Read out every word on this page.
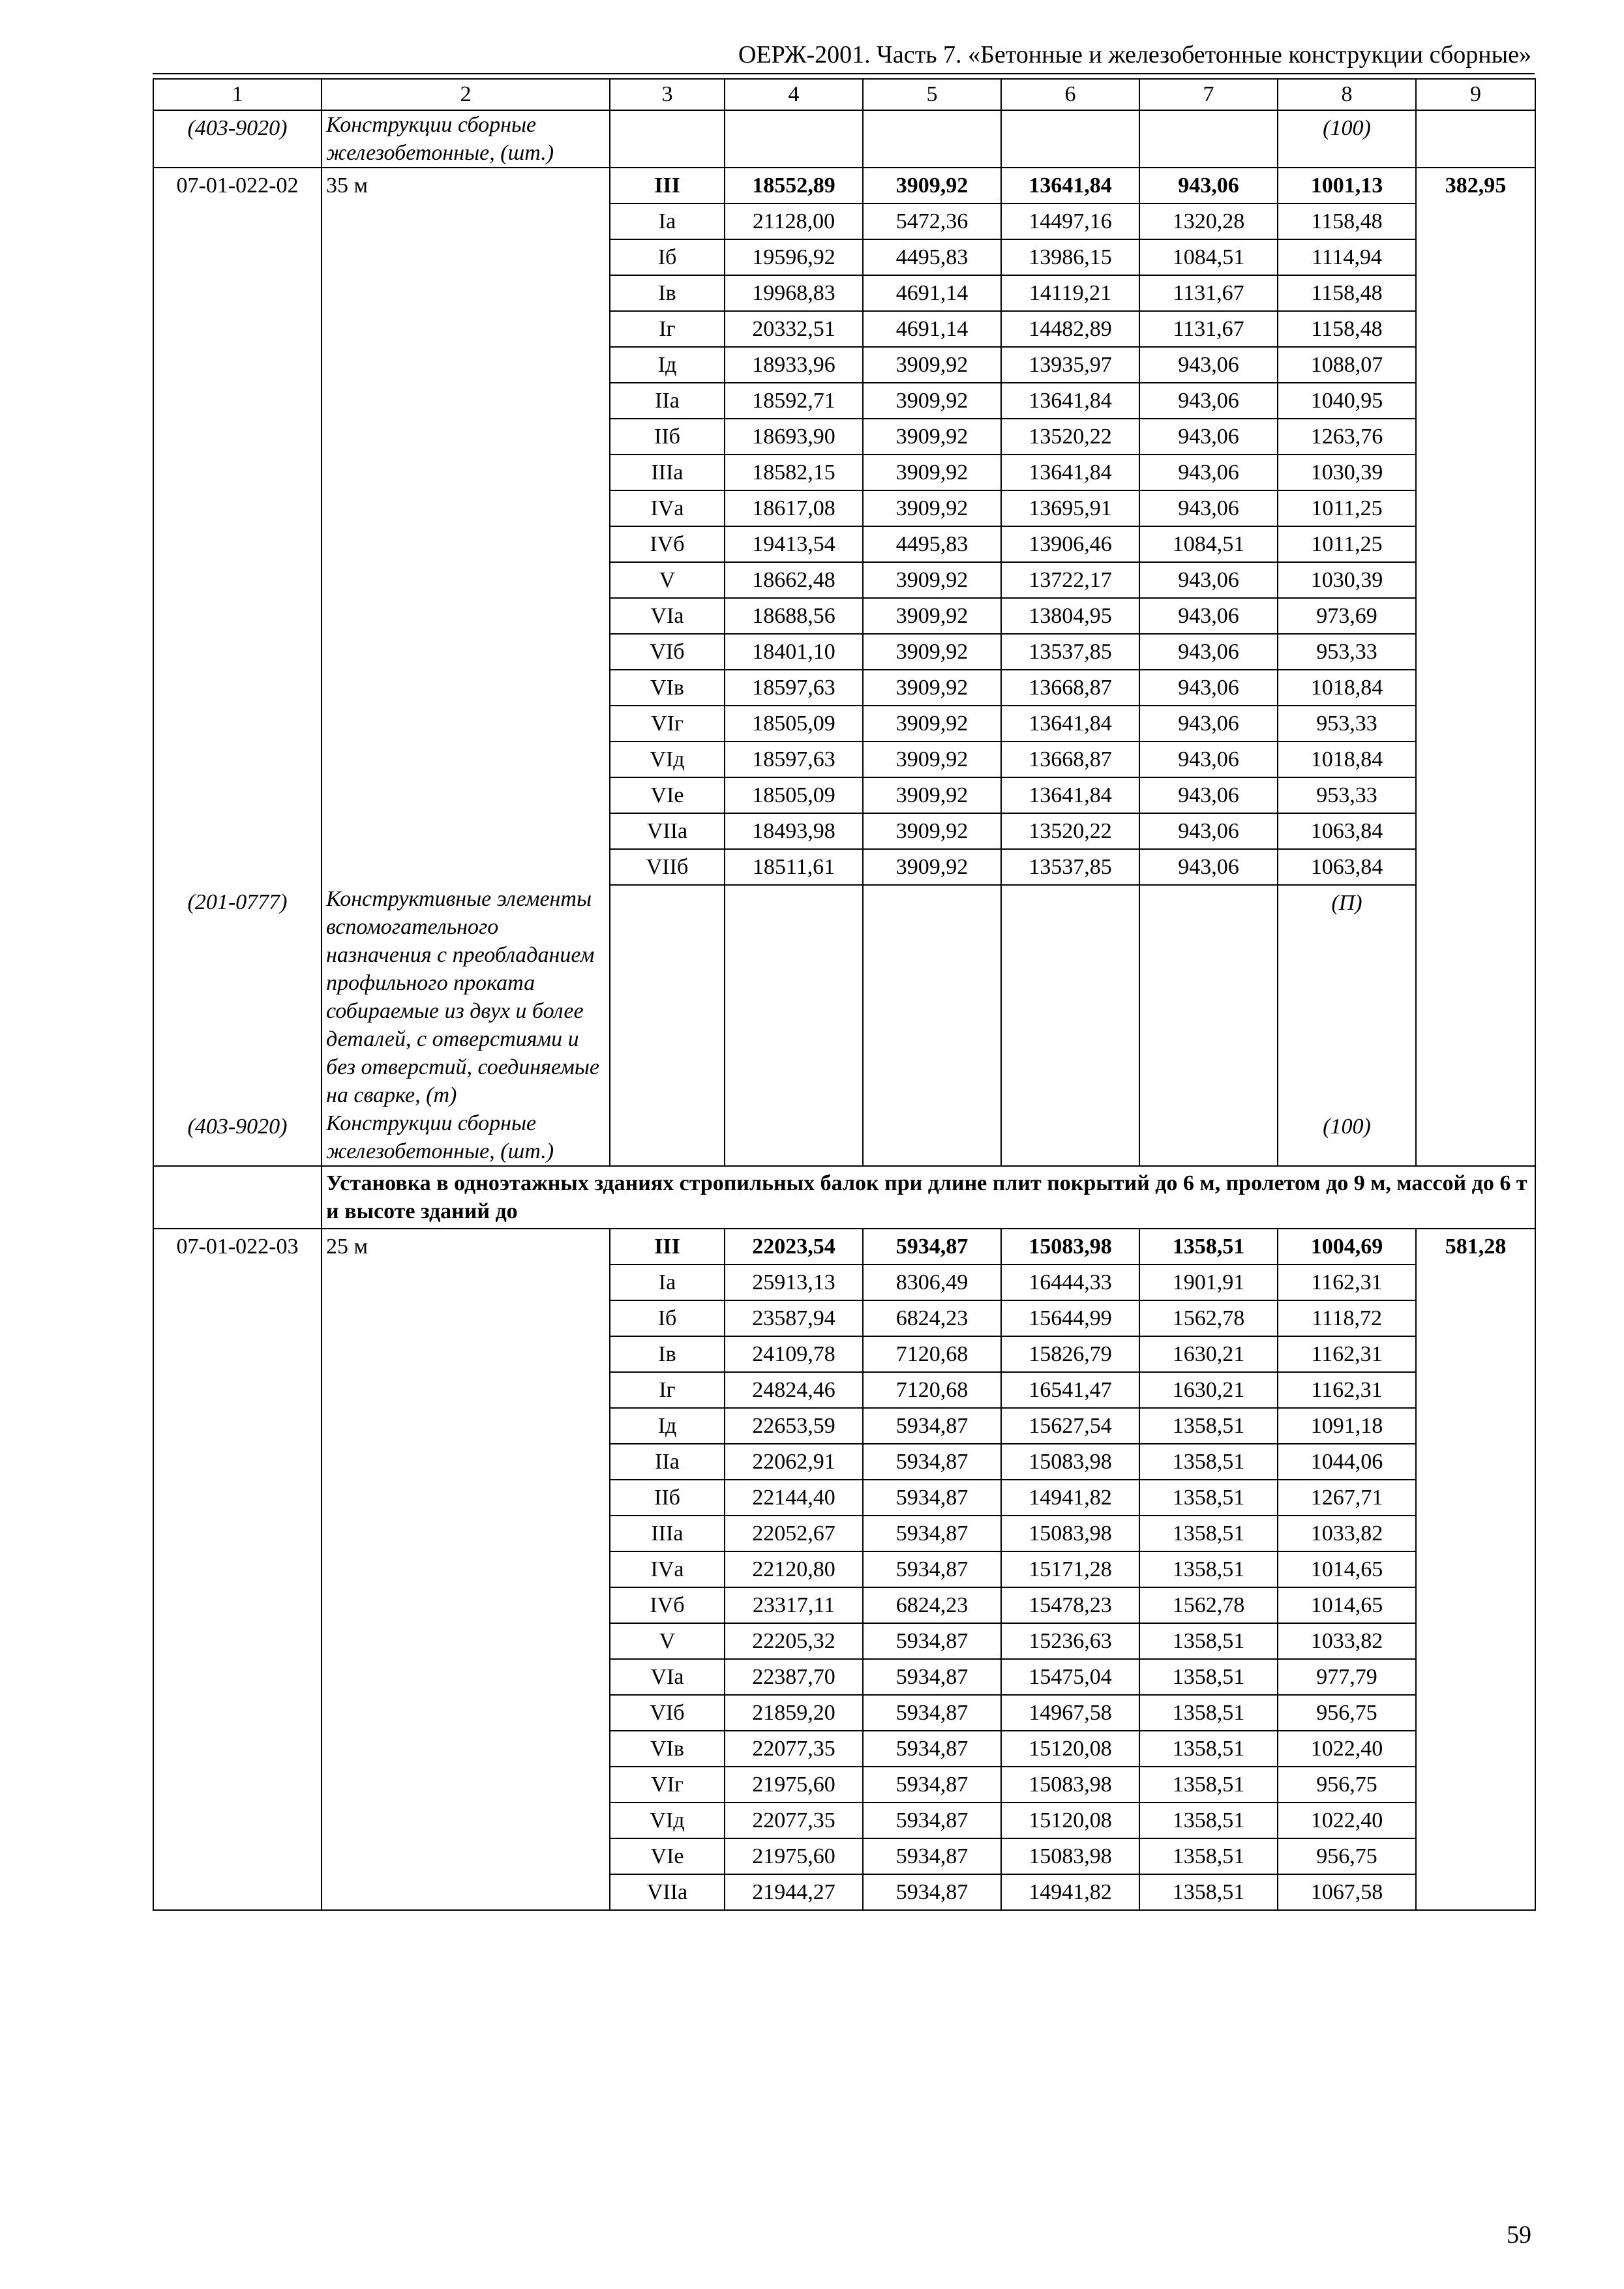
ОЕРЖ-2001. Часть 7. «Бетонные и железобетонные конструкции сборные»
1	2	3	4	5	6	7	8	9
(403-9020)	Конструкции сборные железобетонные, (шт.)						(100)	
07-01-022-02	35 м	III	18552,89	3909,92	13641,84	943,06	1001,13	382,95
		Iа	21128,00	5472,36	14497,16	1320,28	1158,48	
		Iб	19596,92	4495,83	13986,15	1084,51	1114,94	
		Iв	19968,83	4691,14	14119,21	1131,67	1158,48	
		Iг	20332,51	4691,14	14482,89	1131,67	1158,48	
		Iд	18933,96	3909,92	13935,97	943,06	1088,07	
		IIа	18592,71	3909,92	13641,84	943,06	1040,95	
		IIб	18693,90	3909,92	13520,22	943,06	1263,76	
		IIIа	18582,15	3909,92	13641,84	943,06	1030,39	
		IVа	18617,08	3909,92	13695,91	943,06	1011,25	
		IVб	19413,54	4495,83	13906,46	1084,51	1011,25	
		V	18662,48	3909,92	13722,17	943,06	1030,39	
		VIа	18688,56	3909,92	13804,95	943,06	973,69	
		VIб	18401,10	3909,92	13537,85	943,06	953,33	
		VIв	18597,63	3909,92	13668,87	943,06	1018,84	
		VIг	18505,09	3909,92	13641,84	943,06	953,33	
		VIд	18597,63	3909,92	13668,87	943,06	1018,84	
		VIе	18505,09	3909,92	13641,84	943,06	953,33	
		VIIа	18493,98	3909,92	13520,22	943,06	1063,84	
		VIIб	18511,61	3909,92	13537,85	943,06	1063,84	
(201-0777)	Конструктивные элементы вспомогательного назначения с преобладанием профильного проката собираемые из двух и более деталей, с отверстиями и без отверстий, соединяемые на сварке, (т)						(П)	
(403-9020)	Конструкции сборные железобетонные, (шт.)						(100)	
	Установка в одноэтажных зданиях стропильных балок при длине плит покрытий до 6 м, пролетом до 9 м, массой до 6 т и высоте зданий до							
07-01-022-03	25 м	III	22023,54	5934,87	15083,98	1358,51	1004,69	581,28
		Iа	25913,13	8306,49	16444,33	1901,91	1162,31	
		Iб	23587,94	6824,23	15644,99	1562,78	1118,72	
		Iв	24109,78	7120,68	15826,79	1630,21	1162,31	
		Iг	24824,46	7120,68	16541,47	1630,21	1162,31	
		Iд	22653,59	5934,87	15627,54	1358,51	1091,18	
		IIа	22062,91	5934,87	15083,98	1358,51	1044,06	
		IIб	22144,40	5934,87	14941,82	1358,51	1267,71	
		IIIа	22052,67	5934,87	15083,98	1358,51	1033,82	
		IVа	22120,80	5934,87	15171,28	1358,51	1014,65	
		IVб	23317,11	6824,23	15478,23	1562,78	1014,65	
		V	22205,32	5934,87	15236,63	1358,51	1033,82	
		VIа	22387,70	5934,87	15475,04	1358,51	977,79	
		VIб	21859,20	5934,87	14967,58	1358,51	956,75	
		VIв	22077,35	5934,87	15120,08	1358,51	1022,40	
		VIг	21975,60	5934,87	15083,98	1358,51	956,75	
		VIд	22077,35	5934,87	15120,08	1358,51	1022,40	
		VIе	21975,60	5934,87	15083,98	1358,51	956,75	
		VIIа	21944,27	5934,87	14941,82	1358,51	1067,58	
59
